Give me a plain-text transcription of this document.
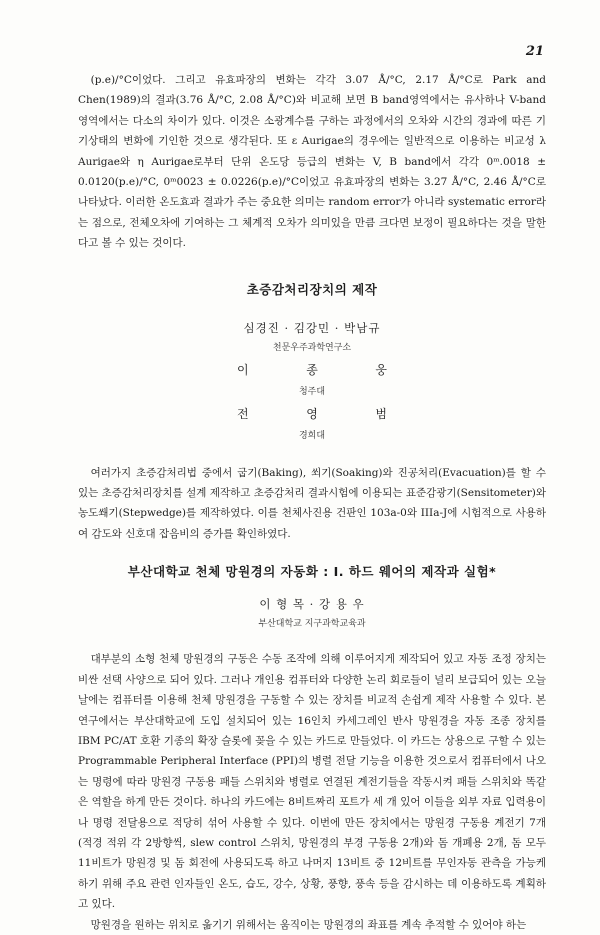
21

(p.e)/°C이었다. 그리고 유효파장의 변화는 각각 3.07 Å/°C, 2.17 Å/°C로 Park and Chen(1989)의 결과(3.76 Å/°C, 2.08 Å/°C)와 비교해 보면 B band영역에서는 유사하나 V-band 영역에서는 다소의 차이가 있다. 이것은 소광계수를 구하는 과정에서의 오차와 시간의 경과에 따른 기기상태의 변화에 기인한 것으로 생각된다. 또 ε Aurigae의 경우에는 일반적으로 이용하는 비교성 λ Aurigae와 η Aurigae로부터 단위 온도당 등급의 변화는 V, B band에서 각각 0ᵐ.0018 ± 0.0120(p.e)/°C, 0ᵐ0023 ± 0.0226(p.e)/°C이었고 유효파장의 변화는 3.27 Å/°C, 2.46 Å/°C로 나타났다. 이러한 온도효과 결과가 주는 중요한 의미는 random error가 아니라 systematic error라는 점으로, 전체오차에 기여하는 그 체계적 오차가 의미있을 만큼 크다면 보정이 필요하다는 것을 말한다고 볼 수 있는 것이다.

초증감처리장치의 제작
심경진 · 김강민 · 박남규
천문우주과학연구소
이	종	웅
청주대
전	영	범
경희대

여러가지 초증감처리법 중에서 굽기(Baking), 쐬기(Soaking)와 진공처리(Evacuation)를 할 수 있는 초증감처리장치를 설계 제작하고 초증감처리 결과시험에 이용되는 표준감광기(Sensitometer)와 농도쐐기(Stepwedge)를 제작하였다. 이를 천체사진용 건판인 103a-0와 IIIa-J에 시험적으로 사용하여 감도와 신호대 잡음비의 증가를 확인하였다.

부산대학교 천체 망원경의 자동화 : Ⅰ. 하드 웨어의 제작과 실험*
이 형 목 · 강 용 우
부산대학교 지구과학교육과

대부분의 소형 천체 망원경의 구동은 수동 조작에 의해 이루어지게 제작되어 있고 자동 조정 장치는 비싼 선택 사양으로 되어 있다. 그러나 개인용 컴퓨터와 다양한 논리 회로들이 널리 보급되어 있는 오늘날에는 컴퓨터를 이용해 천체 망원경을 구동할 수 있는 장치를 비교적 손쉽게 제작 사용할 수 있다. 본 연구에서는 부산대학교에 도입 설치되어 있는 16인치 카세그레인 반사 망원경을 자동 조종 장치를 IBM PC/AT 호환 기종의 확장 슬롯에 꽂을 수 있는 카드로 만들었다. 이 카드는 상용으로 구할 수 있는 Programmable Peripheral Interface (PPI)의 병렬 전달 기능을 이용한 것으로서 컴퓨터에서 나오는 명령에 따라 망원경 구동용 패들 스위치와 병렬로 연결된 계전기들을 작동시켜 패들 스위치와 똑같은 역할을 하게 만든 것이다. 하나의 카드에는 8비트짜리 포트가 세 개 있어 이들을 외부 자료 입력용이나 명령 전달용으로 적당히 섞어 사용할 수 있다. 이번에 만든 장치에서는 망원경 구동용 계전기 7개 (적경 적위 각 2방향씩, slew control 스위치, 망원경의 부경 구동용 2개)와 돔 개폐용 2개, 돔 모두 11비트가 망원경 및 돔 회전에 사용되도록 하고 나머지 13비트 중 12비트를 무인자동 관측을 가능케 하기 위해 주요 관련 인자들인 온도, 습도, 강수, 상황, 풍향, 풍속 등을 감시하는 데 이용하도록 계획하고 있다.

망원경을 원하는 위치로 옮기기 위해서는 움직이는 망원경의 좌표를 계속 추적할 수 있어야 하는
